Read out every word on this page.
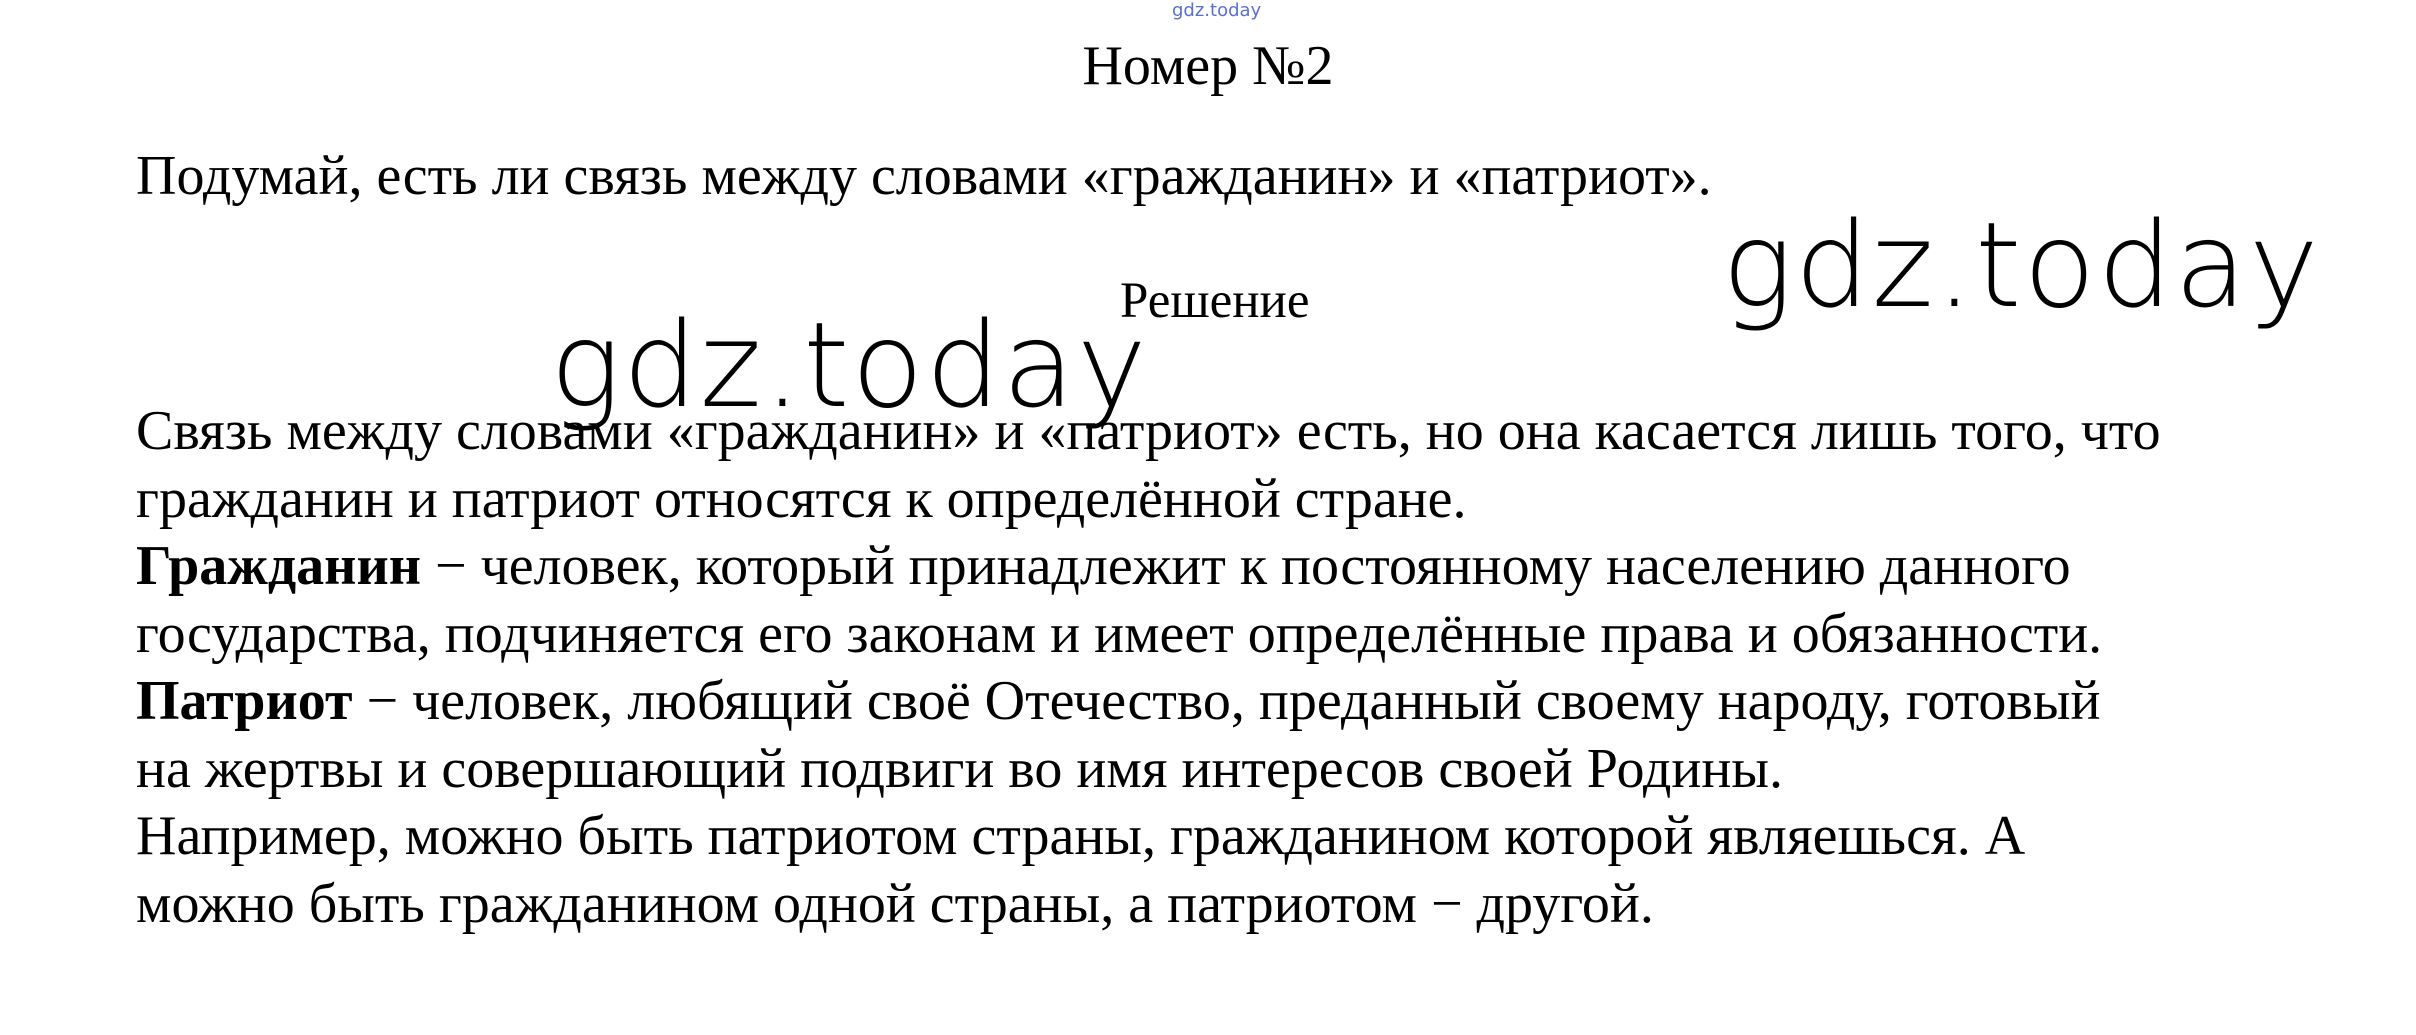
gdz.today
Номер №2
Подумай, есть ли связь между словами «гражданин» и «патриот».
gdz.today
Решение
gdz.today
Связь между словами «гражданин» и «патриот» есть, но она касается лишь того, что
гражданин и патриот относятся к определённой стране.
Гражданин − человек, который принадлежит к постоянному населению данного
государства, подчиняется его законам и имеет определённые права и обязанности.
Патриот − человек, любящий своё Отечество, преданный своему народу, готовый
на жертвы и совершающий подвиги во имя интересов своей Родины.
Например, можно быть патриотом страны, гражданином которой являешься. А
можно быть гражданином одной страны, а патриотом − другой.
